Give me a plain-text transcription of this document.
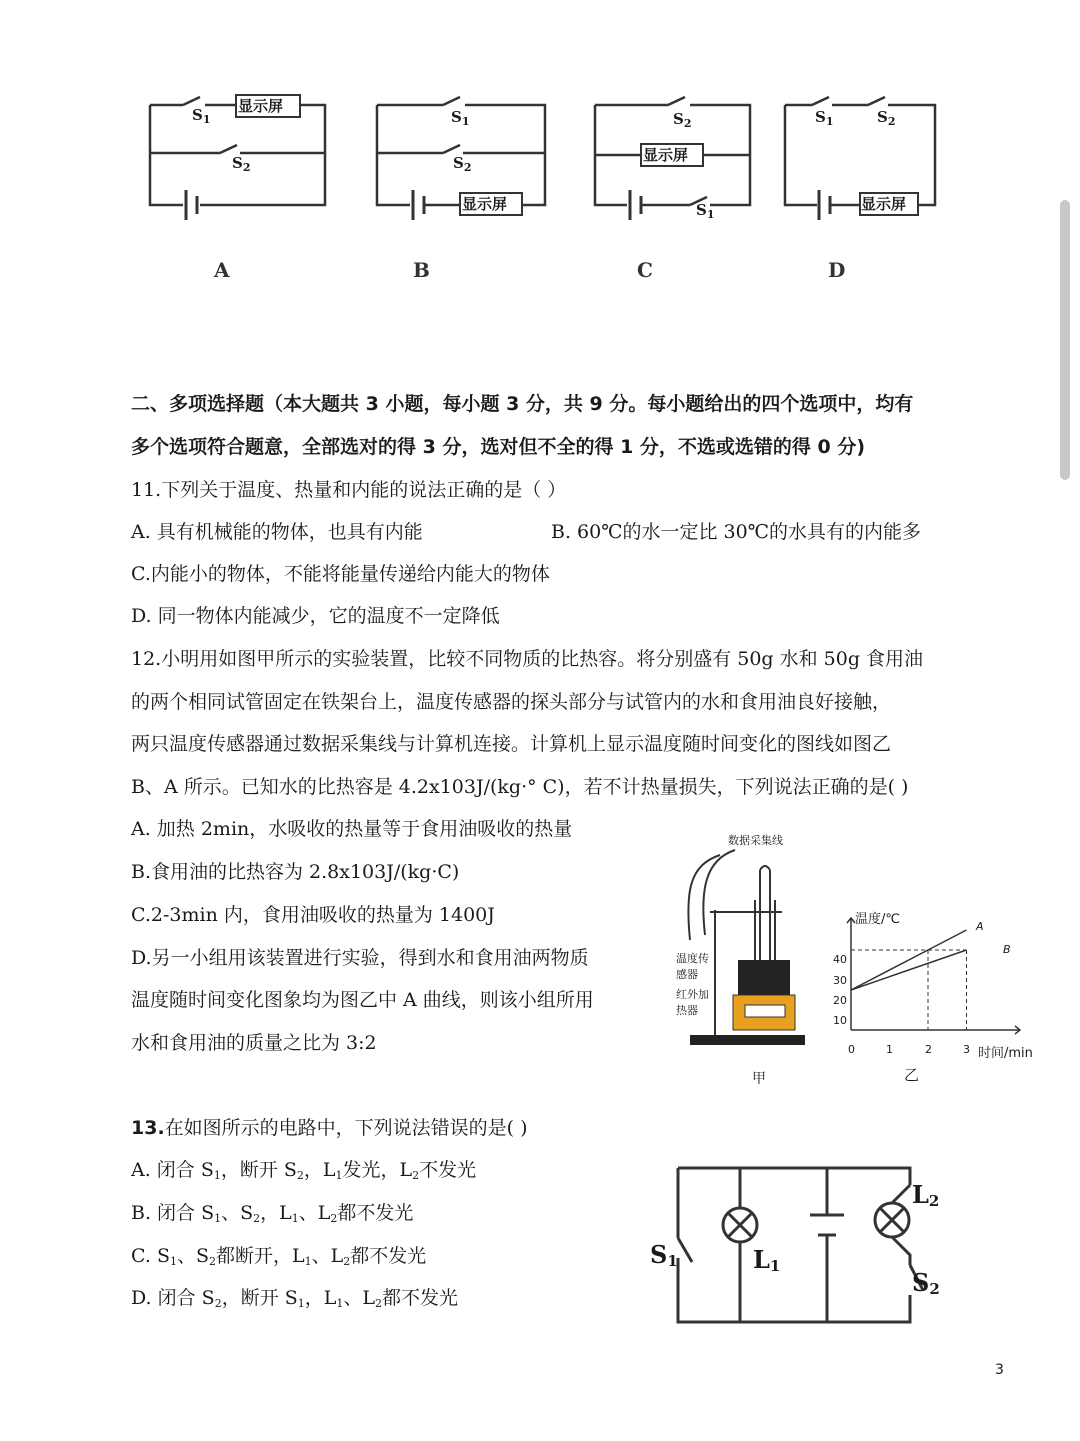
显示屏
$S_1$
$S_2$
$S_1$
$S_2$
显示屏
$S_2$
显示屏
$S_1$
$S_1$	$S_2$
显示屏
A	B	C	D
二、多项选择题（本大题共 3 小题，每小题 3 分，共 9 分。每小题给出的四个选项中，均有
多个选项符合题意，全部选对的得 3 分，选对但不全的得 1 分，不选或选错的得 0 分)
11.下列关于温度、热量和内能的说法正确的是（ ）
A. 具有机械能的物体，也具有内能	B. 60℃的水一定比 30℃的水具有的内能多
C.内能小的物体，不能将能量传递给内能大的物体
D. 同一物体内能减少，它的温度不一定降低
12.小明用如图甲所示的实验装置，比较不同物质的比热容。将分别盛有 50g 水和 50g 食用油
的两个相同试管固定在铁架台上，温度传感器的探头部分与试管内的水和食用油良好接触，
两只温度传感器通过数据采集线与计算机连接。计算机上显示温度随时间变化的图线如图乙
B、A 所示。已知水的比热容是 4.2x103J/(kg·° C)，若不计热量损失，下列说法正确的是( )
A. 加热 2min，水吸收的热量等于食用油吸收的热量
B.食用油的比热容为 2.8x103J/(kg·C)
C.2-3min 内，食用油吸收的热量为 1400J
D.另一小组用该装置进行实验，得到水和食用油两物质
温度随时间变化图象均为图乙中 A 曲线，则该小组所用
水和食用油的质量之比为 3:2
数据采集线
温度传
感器
红外加
热器
甲
温度/℃
时间/min
40
30
20
10
0	1	2	3
A
B
乙
13.在如图所示的电路中，下列说法错误的是( )
A. 闭合 $S_1$，断开 $S_2$，$L_1$发光，$L_2$不发光
B. 闭合 $S_1$、$S_2$，$L_1$、$L_2$都不发光
C. $S_1$、$S_2$都断开，$L_1$、$L_2$都不发光
D. 闭合 $S_2$，断开 $S_1$，$L_1$、$L_2$都不发光
$S_1$	$L_1$
$L_2$
$S_2$
3
